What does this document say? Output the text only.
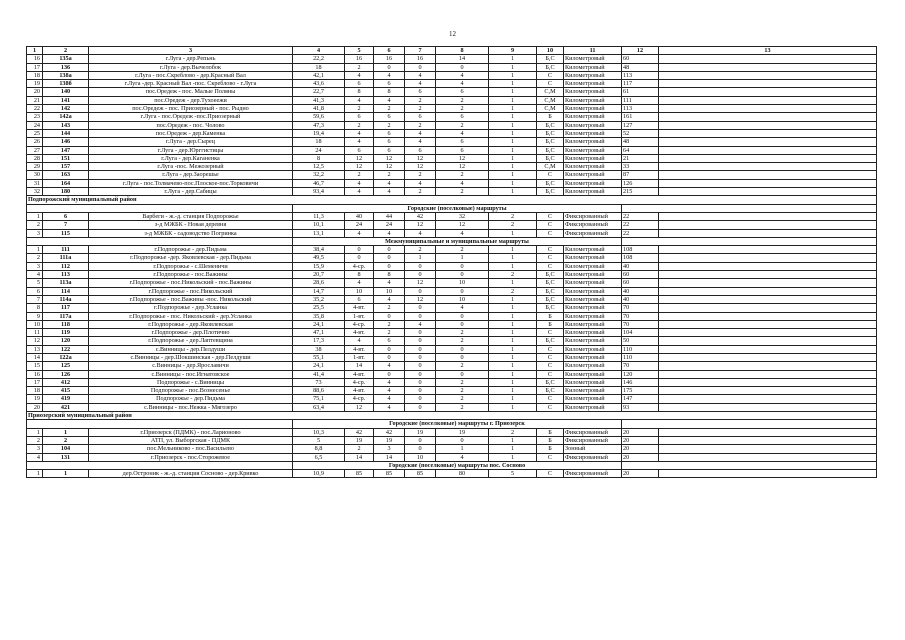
12
1	2	3	4	5	6	7	8	9	10	11	12	13
16	135а	г.Луга - дер.Репьнь	22,2	16	16	16	14	1	Б,С	Километровый	60	
17	136	г.Луга - дер.Вычелобок	18	2	0	0	0	1	Б,С	Километровый	48	
18	138а	г.Луга - пос.Скреблово - дер.Красный Вал	42,1	4	4	4	4	1	С	Километровый	113	
19	138б	г.Луга -дер. Красный Вал -пос. Скреблово - г.Луга	43,6	6	6	4	4	1	С	Километровый	117	
20	140	пос.Оредеж - пос. Малые Поляны	22,7	8	8	6	6	1	С,М	Километровый	61	
21	141	пос.Оредеж - дер.Тухоеежи	41,3	4	4	2	2	1	С,М	Километровый	111	
22	142	пос.Оредеж - пос. Приозерный - пос. Рыдно	41,8	2	2	2	2	1	С,М	Километровый	113	
23	142а	г.Луга - пос.Оредеж -пос.Приозерный	59,6	6	6	6	6	1	Б	Километровый	161	
24	143	пос.Оредеж - пос. Чолово	47,3	2	2	2	2	1	Б,С	Километровый	127	
25	144	пос.Оредеж - дер.Каменка	19,4	4	6	4	4	1	Б,С	Километровый	52	
26	146	г.Луга - дер.Сырец	18	4	6	4	6	1	Б,С	Километровый	48	
27	147	г.Луга - дер.Юрггистицы	24	6	6	6	6	1	Б,С	Километровый	64	
28	151	г.Луга - дер.Каганенка	8	12	12	12	12	1	Б,С	Километровый	21	
29	157	г.Луга -пос. Межозерный	12,5	12	12	12	12	1	С,М	Километровый	33	
30	163	г.Луга - дер.Заорешье	32,2	2	2	2	2	1	С	Километровый	87	
31	164	г.Луга - пос.Толмачево-пос.Плоское-пос.Торковичи	46,7	4	4	4	4	1	Б,С	Километровый	126	
32	180	г.Луга - дер.Сабицы	93,4	4	4	2	2	1	Б,С	Километровый	215	
Подпорожский муниципальный район												
			Городские (поселковые) маршруты									
1	6	Варбеги - ж.-д. станция Подпорожье	11,3	40	44	42	32	2	С	Фиксированный	22	
2	7	з-д МЖБК - Новая деревня	10,1	24	24	12	12	2	С	Фиксированный	22	
3	115	з-д МЖБК - садоводство Погринка	13,1	4	4	4	4	1	С	Фиксированный	22	
			Межмуниципальные и муниципальные маршруты									
1	111	г.Подпорожье - дер.Пидьма	38,4	0	0	2	2	1	С	Километровый	108	
2	111а	г.Подпорожье -дер. Яковлевская - дер.Пидьма	49,5	0	0	1	1	1	С	Километровый	108	
3	112	г.Подпорожье - с.Шеменичи	15,9	4-ср.	0	0	0	1	С	Километровый	40	
4	113	г.Подпорожье - пос.Важины	20,7	8	8	0	0	2	Б,С	Километровый	60	
5	113а	г.Подпорожье - пос.Никольский - пос.Важины	28,6	4	4	12	10	1	Б,С	Километровый	60	
6	114	г.Подпорожье - пос.Никольский	14,7	10	10	0	0	2	Б,С	Километровый	40	
7	114а	г.Подпорожье - пос.Важины -пос. Никольский	35,2	6	4	12	10	1	Б,С	Километровый	40	
8	117	г.Подпорожье - дер.Усланка	25,5	4-вт.	2	0	4	1	Б,С	Километровый	70	
9	117а	г.Подпорожье - пос. Никольский - дер.Усланка	35,8	1-вт.	0	0	0	1	Б	Километровый	70	
10	118	г.Подпорожье - дер.Яковлевская	24,1	4-ср.	2	4	0	1	Б	Километровый	70	
11	119	г.Подпорожье - дер.Плотично	47,1	4-вт.	2	0	2	1	С	Километровый	104	
12	120	г.Подпорожье - дер.Лаптевщина	17,3	4	6	0	2	1	Б,С	Километровый	50	
13	122	с.Винницы - дер.Пелдуши	38	4-вт.	0	0	0	1	С	Километровый	110	
14	122а	с.Винницы - дер.Шокшинская - дер.Пелдуши	55,1	1-вт.	0	0	0	1	С	Километровый	110	
15	125	с.Винницы - дер.Ярославичи	24,1	14	4	0	2	1	С	Километровый	70	
16	126	с.Винницы - пос.Игнатовское	41,4	4-вт.	0	0	0	1	С	Километровый	120	
17	412	Подпорожье - с.Винницы	73	4-ср.	4	0	2	1	Б,С	Километровый	146	
18	415	Подпорожье - пос.Вознесенье	88,6	4-вт.	4	0	2	1	Б,С	Километровый	175	
19	419	Подпорожье - дер.Пидьма	75,1	4-ср.	4	0	2	1	С	Километровый	147	
20	421	с.Винницы - пос.Нежка - Мягозеро	63,4	12	4	0	2	1	С	Километровый	93	
Приозерский муниципальный район												
			Городские (поселковые) маршруты г. Приозерск									
1	1	г.Приозерск (ПДМК) - пос.Ларионово	10,3	42	42	19	19	2	Б	Фиксированный	20	
2	2	АТП, ул. Выборгская - ПДМК	5	19	19	0	0	1	Б	Фиксированный	20	
3	104	пос.Мельниково - пос.Васильево	8,8	2	3	0	1	1	Б	Зонный	20	
4	131	г.Приозерск - пос.Сторожевое	6,5	14	14	10	4	1	С	Фиксированный	20	
			Городские (поселковые) маршруты пос. Сосново									
1	1	дер.Остроник - ж.-д. станция Сосново - дер.Кривко	10,9	85	85	85	80	5	С	Фиксированный	20	
